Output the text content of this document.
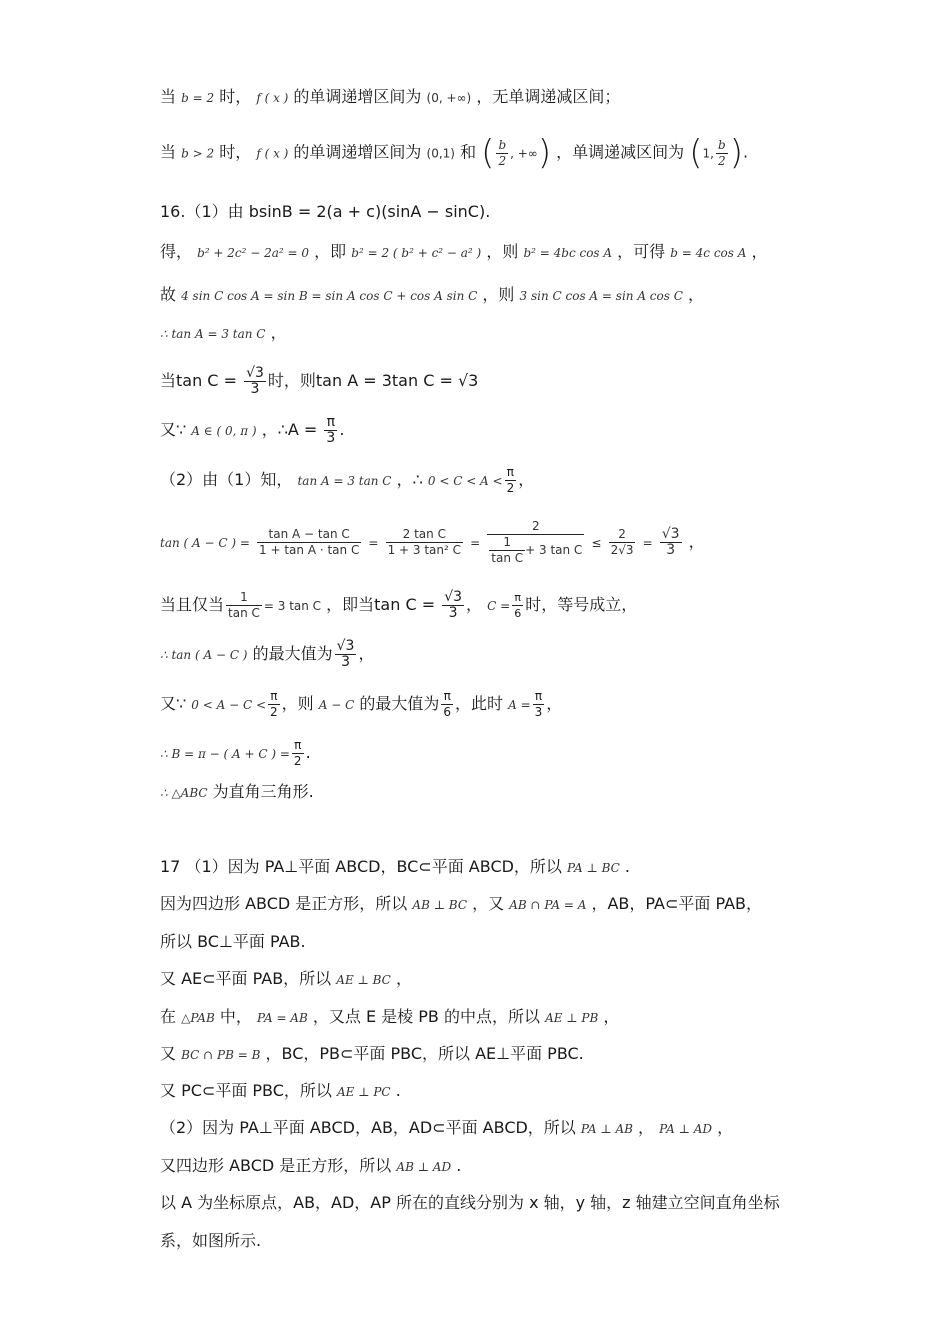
当 b = 2 时， f ( x ) 的单调递增区间为 (0, +∞) ，无单调递减区间；
当 b > 2 时， f ( x ) 的单调递增区间为 (0,1) 和 ( $\frac{b}{2}$ , +∞) ，单调递减区间为 (1, $\frac{b}{2}$ ).
16.（1）由 bsinB = 2(a + c)(sinA − sinC).
得， b² + 2c² − 2a² = 0 ，即 b² = 2 ( b² + c² − a² ) ，则 b² = 4bc cos A ，可得 b = 4c cos A ，
故 4 sin C cos A = sin B = sin A cos C + cos A sin C ，则 3 sin C cos A = sin A cos C ，
∴ tan A = 3 tan C ，
当$\tan C = \frac{√3}{3}$ 时，则tan A = 3tan C = √3
又∵ A ∈ ( 0, π ) ，∴A = $\frac{\pi}{3}$ .
（2）由（1）知， tan A = 3 tan C ，∴ $0 < C < A < \frac{\pi}{2}$ ，
tan ( A − C ) = $\frac{\text{tan A − tan C}}{\text{1 + tan A · tan C}} = \frac{\text{2 tan C}}{\text{1 + 3 tan² C}} = \frac{2}{\frac{1}{\text{tan C}} + 3 \tan C} \le \frac{2}{2√3} = \frac{√3}{3}$ ，
当且仅当 $\frac{1}{\text{tan C}} = 3$ tan C ，即当$\tan C = \frac{√3}{3}$ ， $C = \frac{\pi}{6}$ 时，等号成立，
∴ tan ( A − C ) 的最大值为 $\frac{√3}{3}$ ，
又∵ $0 < A - C < \frac{\pi}{2}$ ，则 A − C 的最大值为 $\frac{\pi}{6}$ ，此时 $A = \frac{\pi}{3}$ ，
∴ B = π − ( A + C ) = $\frac{\pi}{2}$ .
∴ △ABC 为直角三角形.
17 （1）因为 PA⊥平面 ABCD，BC⊂平面 ABCD，所以 PA ⊥ BC .
因为四边形 ABCD 是正方形，所以 AB ⊥ BC ，又 AB ∩ PA = A ，AB，PA⊂平面 PAB，
所以 BC⊥平面 PAB.
又 AE⊂平面 PAB，所以 AE ⊥ BC ，
在 △PAB 中， PA = AB ，又点 E 是棱 PB 的中点，所以 AE ⊥ PB ，
又 BC ∩ PB = B ，BC，PB⊂平面 PBC，所以 AE⊥平面 PBC.
又 PC⊂平面 PBC，所以 AE ⊥ PC .
（2）因为 PA⊥平面 ABCD，AB，AD⊂平面 ABCD，所以 PA ⊥ AB ， PA ⊥ AD ，
又四边形 ABCD 是正方形，所以 AB ⊥ AD .
以 A 为坐标原点，AB，AD，AP 所在的直线分别为 x 轴，y 轴，z 轴建立空间直角坐标
系，如图所示.
